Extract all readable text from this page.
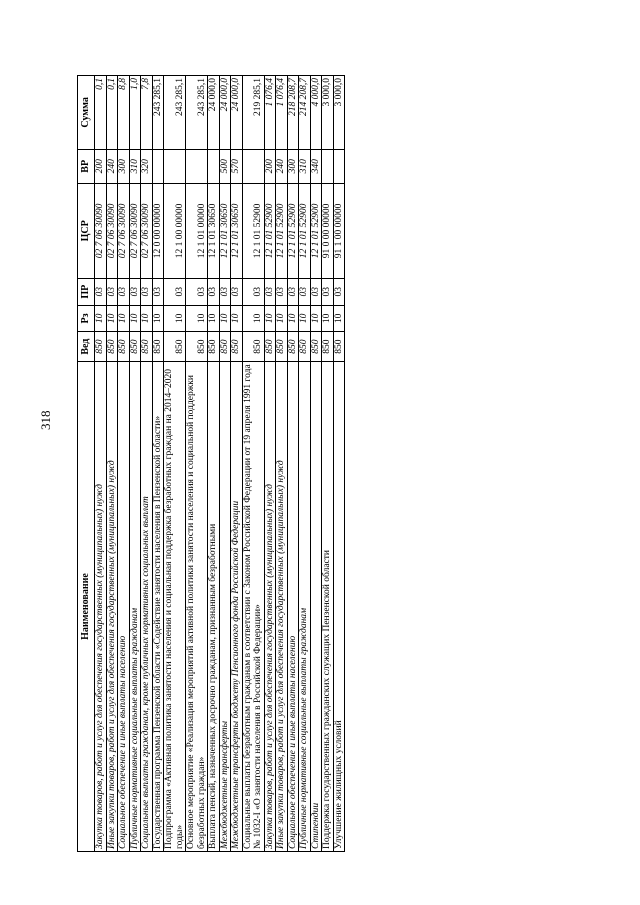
318
Наименование	Вед	Рз	ПР	ЦСР	ВР	Сумма
Закупка товаров, работ и услуг для обеспечения государственных (муниципальных) нужд	850	10	03	02 7 06 30090	200	0,1
Иные закупки товаров, работ и услуг для обеспечения государственных (муниципальных) нужд	850	10	03	02 7 06 30090	240	0,1
Социальное обеспечение и иные выплаты населению	850	10	03	02 7 06 30090	300	8,8
Публичные нормативные социальные выплаты гражданам	850	10	03	02 7 06 30090	310	1,0
Социальные выплаты гражданам, кроме публичных нормативных социальных выплат	850	10	03	02 7 06 30090	320	7,8
Государственная программа Пензенской области «Содействие занятости населения в Пензенской области»	850	10	03	12 0 00 00000		243 285,1
Подпрограмма «Активная политика занятости населения и социальная поддержка безработных граждан на 2014–2020 годы»	850	10	03	12 1 00 00000		243 285,1
Основное мероприятие «Реализация мероприятий активной политики занятости населения и социальной поддержки безработных граждан»	850	10	03	12 1 01 00000		243 285,1
Выплата пенсий, назначенных досрочно гражданам, признанным безработными	850	10	03	12 1 01 30650		24 000,0
Межбюджетные трансферты	850	10	03	12 1 01 30650	500	24 000,0
Межбюджетные трансферты бюджету Пенсионного фонда Российской Федерации	850	10	03	12 1 01 30650	570	24 000,0
Социальные выплаты безработным гражданам в соответствии с Законом Российской Федерации от 19 апреля 1991 года № 1032-I «О занятости населения в Российской Федерации»	850	10	03	12 1 01 52900		219 285,1
Закупка товаров, работ и услуг для обеспечения государственных (муниципальных) нужд	850	10	03	12 1 01 52900	200	1 076,4
Иные закупки товаров, работ и услуг для обеспечения государственных (муниципальных) нужд	850	10	03	12 1 01 52900	240	1 076,4
Социальное обеспечение и иные выплаты населению	850	10	03	12 1 01 52900	300	218 208,7
Публичные нормативные социальные выплаты гражданам	850	10	03	12 1 01 52900	310	214 208,7
Стипендии	850	10	03	12 1 01 52900	340	4 000,0
Поддержка государственных гражданских служащих Пензенской области	850	10	03	91 0 00 00000		3 000,0
Улучшение жилищных условий	850	10	03	91 1 00 00000		3 000,0
